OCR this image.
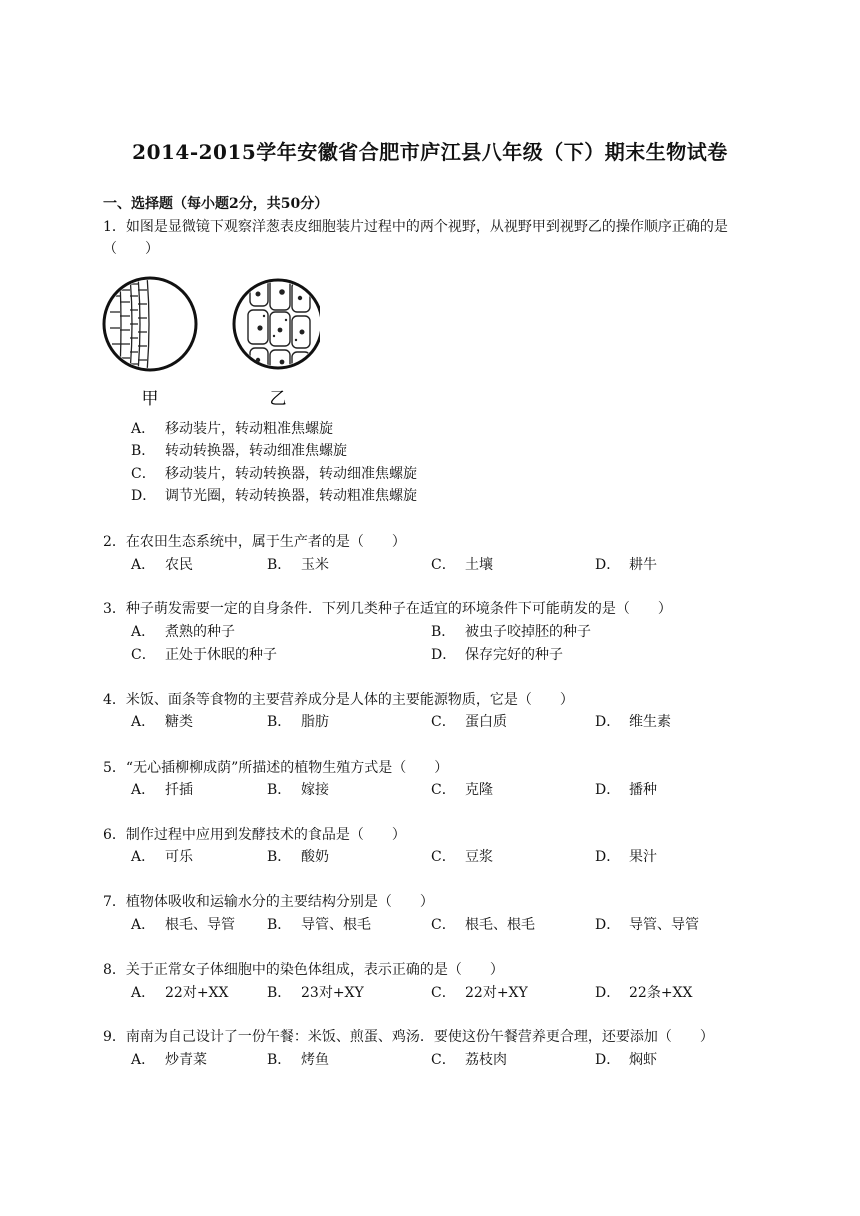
2014-2015学年安徽省合肥市庐江县八年级（下）期末生物试卷
一、选择题（每小题2分，共50分）
1．如图是显微镜下观察洋葱表皮细胞装片过程中的两个视野，从视野甲到视野乙的操作顺序正确的是（　　）
甲	乙
A． 移动装片，转动粗准焦螺旋
B． 转动转换器，转动细准焦螺旋
C． 移动装片，转动转换器，转动细准焦螺旋
D． 调节光圈，转动转换器，转动粗准焦螺旋
2．在农田生态系统中，属于生产者的是（　　）
A． 农民	B． 玉米	C． 土壤	D． 耕牛
3．种子萌发需要一定的自身条件．下列几类种子在适宜的环境条件下可能萌发的是（　　）
A． 煮熟的种子	B． 被虫子咬掉胚的种子
C． 正处于休眠的种子	D． 保存完好的种子
4．米饭、面条等食物的主要营养成分是人体的主要能源物质，它是（　　）
A． 糖类	B． 脂肪	C． 蛋白质	D． 维生素
5．“无心插柳柳成荫”所描述的植物生殖方式是（　　）
A． 扦插	B． 嫁接	C． 克隆	D． 播种
6．制作过程中应用到发酵技术的食品是（　　）
A． 可乐	B． 酸奶	C． 豆浆	D． 果汁
7．植物体吸收和运输水分的主要结构分别是（　　）
A． 根毛、导管 B． 导管、根毛	C． 根毛、根毛	D． 导管、导管
8．关于正常女子体细胞中的染色体组成，表示正确的是（　　）
A． 22对+XX	B． 23对+XY	C． 22对+XY	D． 22条+XX
9．南南为自己设计了一份午餐：米饭、煎蛋、鸡汤．要使这份午餐营养更合理，还要添加（　　）
A． 炒青菜	B． 烤鱼	C． 荔枝肉	D． 焖虾
